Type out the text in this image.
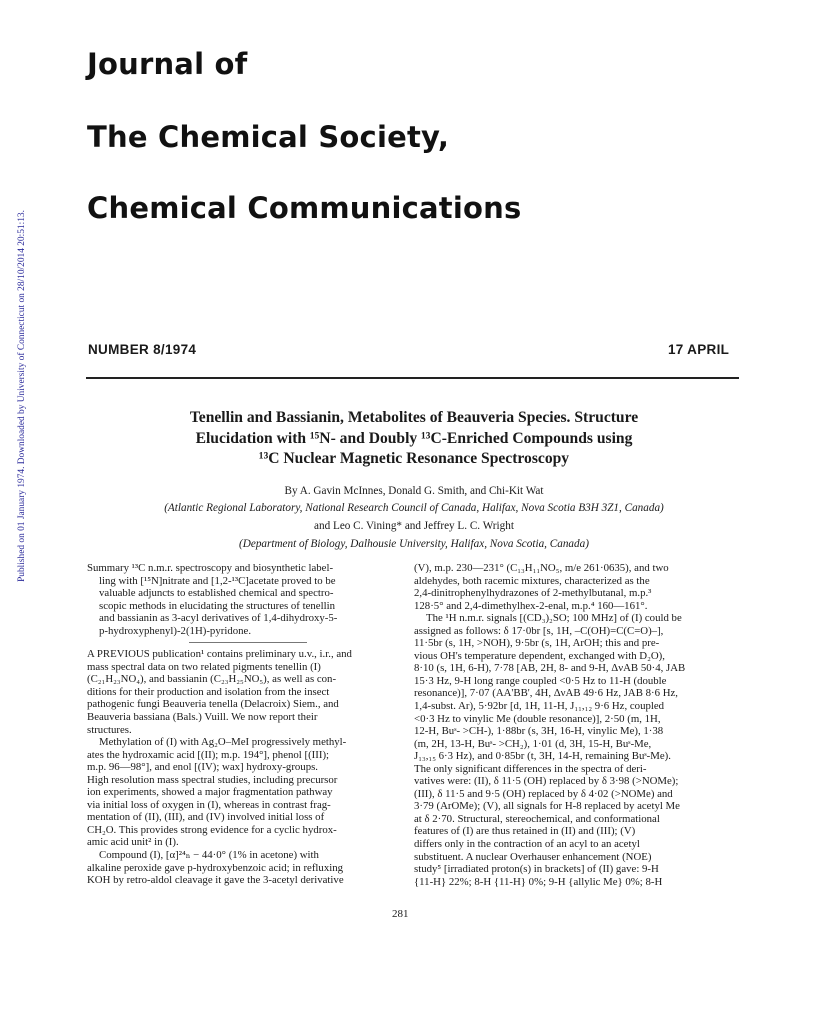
Published on 01 January 1974. Downloaded by University of Connecticut on 28/10/2014 20:51:13.
Journal of
The Chemical Society,
Chemical Communications
NUMBER 8/1974	17 APRIL
Tenellin and Bassianin, Metabolites of Beauveria Species. Structure
Elucidation with ¹⁵N- and Doubly ¹³C-Enriched Compounds using
¹³C Nuclear Magnetic Resonance Spectroscopy
By A. Gavin McInnes, Donald G. Smith, and Chi-Kit Wat
(Atlantic Regional Laboratory, National Research Council of Canada, Halifax, Nova Scotia B3H 3Z1, Canada)
and Leo C. Vining* and Jeffrey L. C. Wright
(Department of Biology, Dalhousie University, Halifax, Nova Scotia, Canada)
Summary ¹³C n.m.r. spectroscopy and biosynthetic label-
ling with [¹⁵N]nitrate and [1,2-¹³C]acetate proved to be
valuable adjuncts to established chemical and spectro-
scopic methods in elucidating the structures of tenellin
and bassianin as 3-acyl derivatives of 1,4-dihydroxy-5-
p-hydroxyphenyl)-2(1H)-pyridone.
A PREVIOUS publication¹ contains preliminary u.v., i.r., and
mass spectral data on two related pigments tenellin (I)
(C₂₁H₂₃NO₄), and bassianin (C₂₃H₂₅NO₅), as well as con-
ditions for their production and isolation from the insect
pathogenic fungi Beauveria tenella (Delacroix) Siem., and
Beauveria bassiana (Bals.) Vuill. We now report their
structures.
Methylation of (I) with Ag₂O–MeI progressively methyl-
ates the hydroxamic acid [(II); m.p. 194°], phenol [(III);
m.p. 96—98°], and enol [(IV); wax] hydroxy-groups.
High resolution mass spectral studies, including precursor
ion experiments, showed a major fragmentation pathway
via initial loss of oxygen in (I), whereas in contrast frag-
mentation of (II), (III), and (IV) involved initial loss of
CH₂O. This provides strong evidence for a cyclic hydrox-
amic acid unit² in (I).
Compound (I), [α]²⁴ₙ − 44·0° (1% in acetone) with
alkaline peroxide gave p-hydroxybenzoic acid; in refluxing
KOH by retro-aldol cleavage it gave the 3-acetyl derivative
(V), m.p. 230—231° (C₁₃H₁₁NO₅, m/e 261·0635), and two
aldehydes, both racemic mixtures, characterized as the
2,4-dinitrophenylhydrazones of 2-methylbutanal, m.p.³
128·5° and 2,4-dimethylhex-2-enal, m.p.⁴ 160—161°.
The ¹H n.m.r. signals [(CD₃)₂SO; 100 MHz] of (I) could be
assigned as follows: δ 17·0br [s, 1H, –C(OH)=C(C=O)–],
11·5br (s, 1H, >NOH), 9·5br (s, 1H, ArOH; this and pre-
vious OH's temperature dependent, exchanged with D₂O),
8·10 (s, 1H, 6-H), 7·78 [AB, 2H, 8- and 9-H, ΔνAB 50·4, JAB
15·3 Hz, 9-H long range coupled <0·5 Hz to 11-H (double
resonance)], 7·07 (AA'BB', 4H, ΔνAB 49·6 Hz, JAB 8·6 Hz,
1,4-subst. Ar), 5·92br [d, 1H, 11-H, J₁₁,₁₂ 9·6 Hz, coupled
<0·3 Hz to vinylic Me (double resonance)], 2·50 (m, 1H,
12-H, Buˢ- >CH-), 1·88br (s, 3H, 16-H, vinylic Me), 1·38
(m, 2H, 13-H, Buˢ- >CH₂), 1·01 (d, 3H, 15-H, Buˢ-Me,
J₁₃,₁₅ 6·3 Hz), and 0·85br (t, 3H, 14-H, remaining Buˢ-Me).
The only significant differences in the spectra of deri-
vatives were: (II), δ 11·5 (OH) replaced by δ 3·98 (>NOMe);
(III), δ 11·5 and 9·5 (OH) replaced by δ 4·02 (>NOMe) and
3·79 (ArOMe); (V), all signals for H-8 replaced by acetyl Me
at δ 2·70. Structural, stereochemical, and conformational
features of (I) are thus retained in (II) and (III); (V)
differs only in the contraction of an acyl to an acetyl
substituent. A nuclear Overhauser enhancement (NOE)
study⁵ [irradiated proton(s) in brackets] of (II) gave: 9-H
{11-H} 22%; 8-H {11-H} 0%; 9-H {allylic Me} 0%; 8-H
281
